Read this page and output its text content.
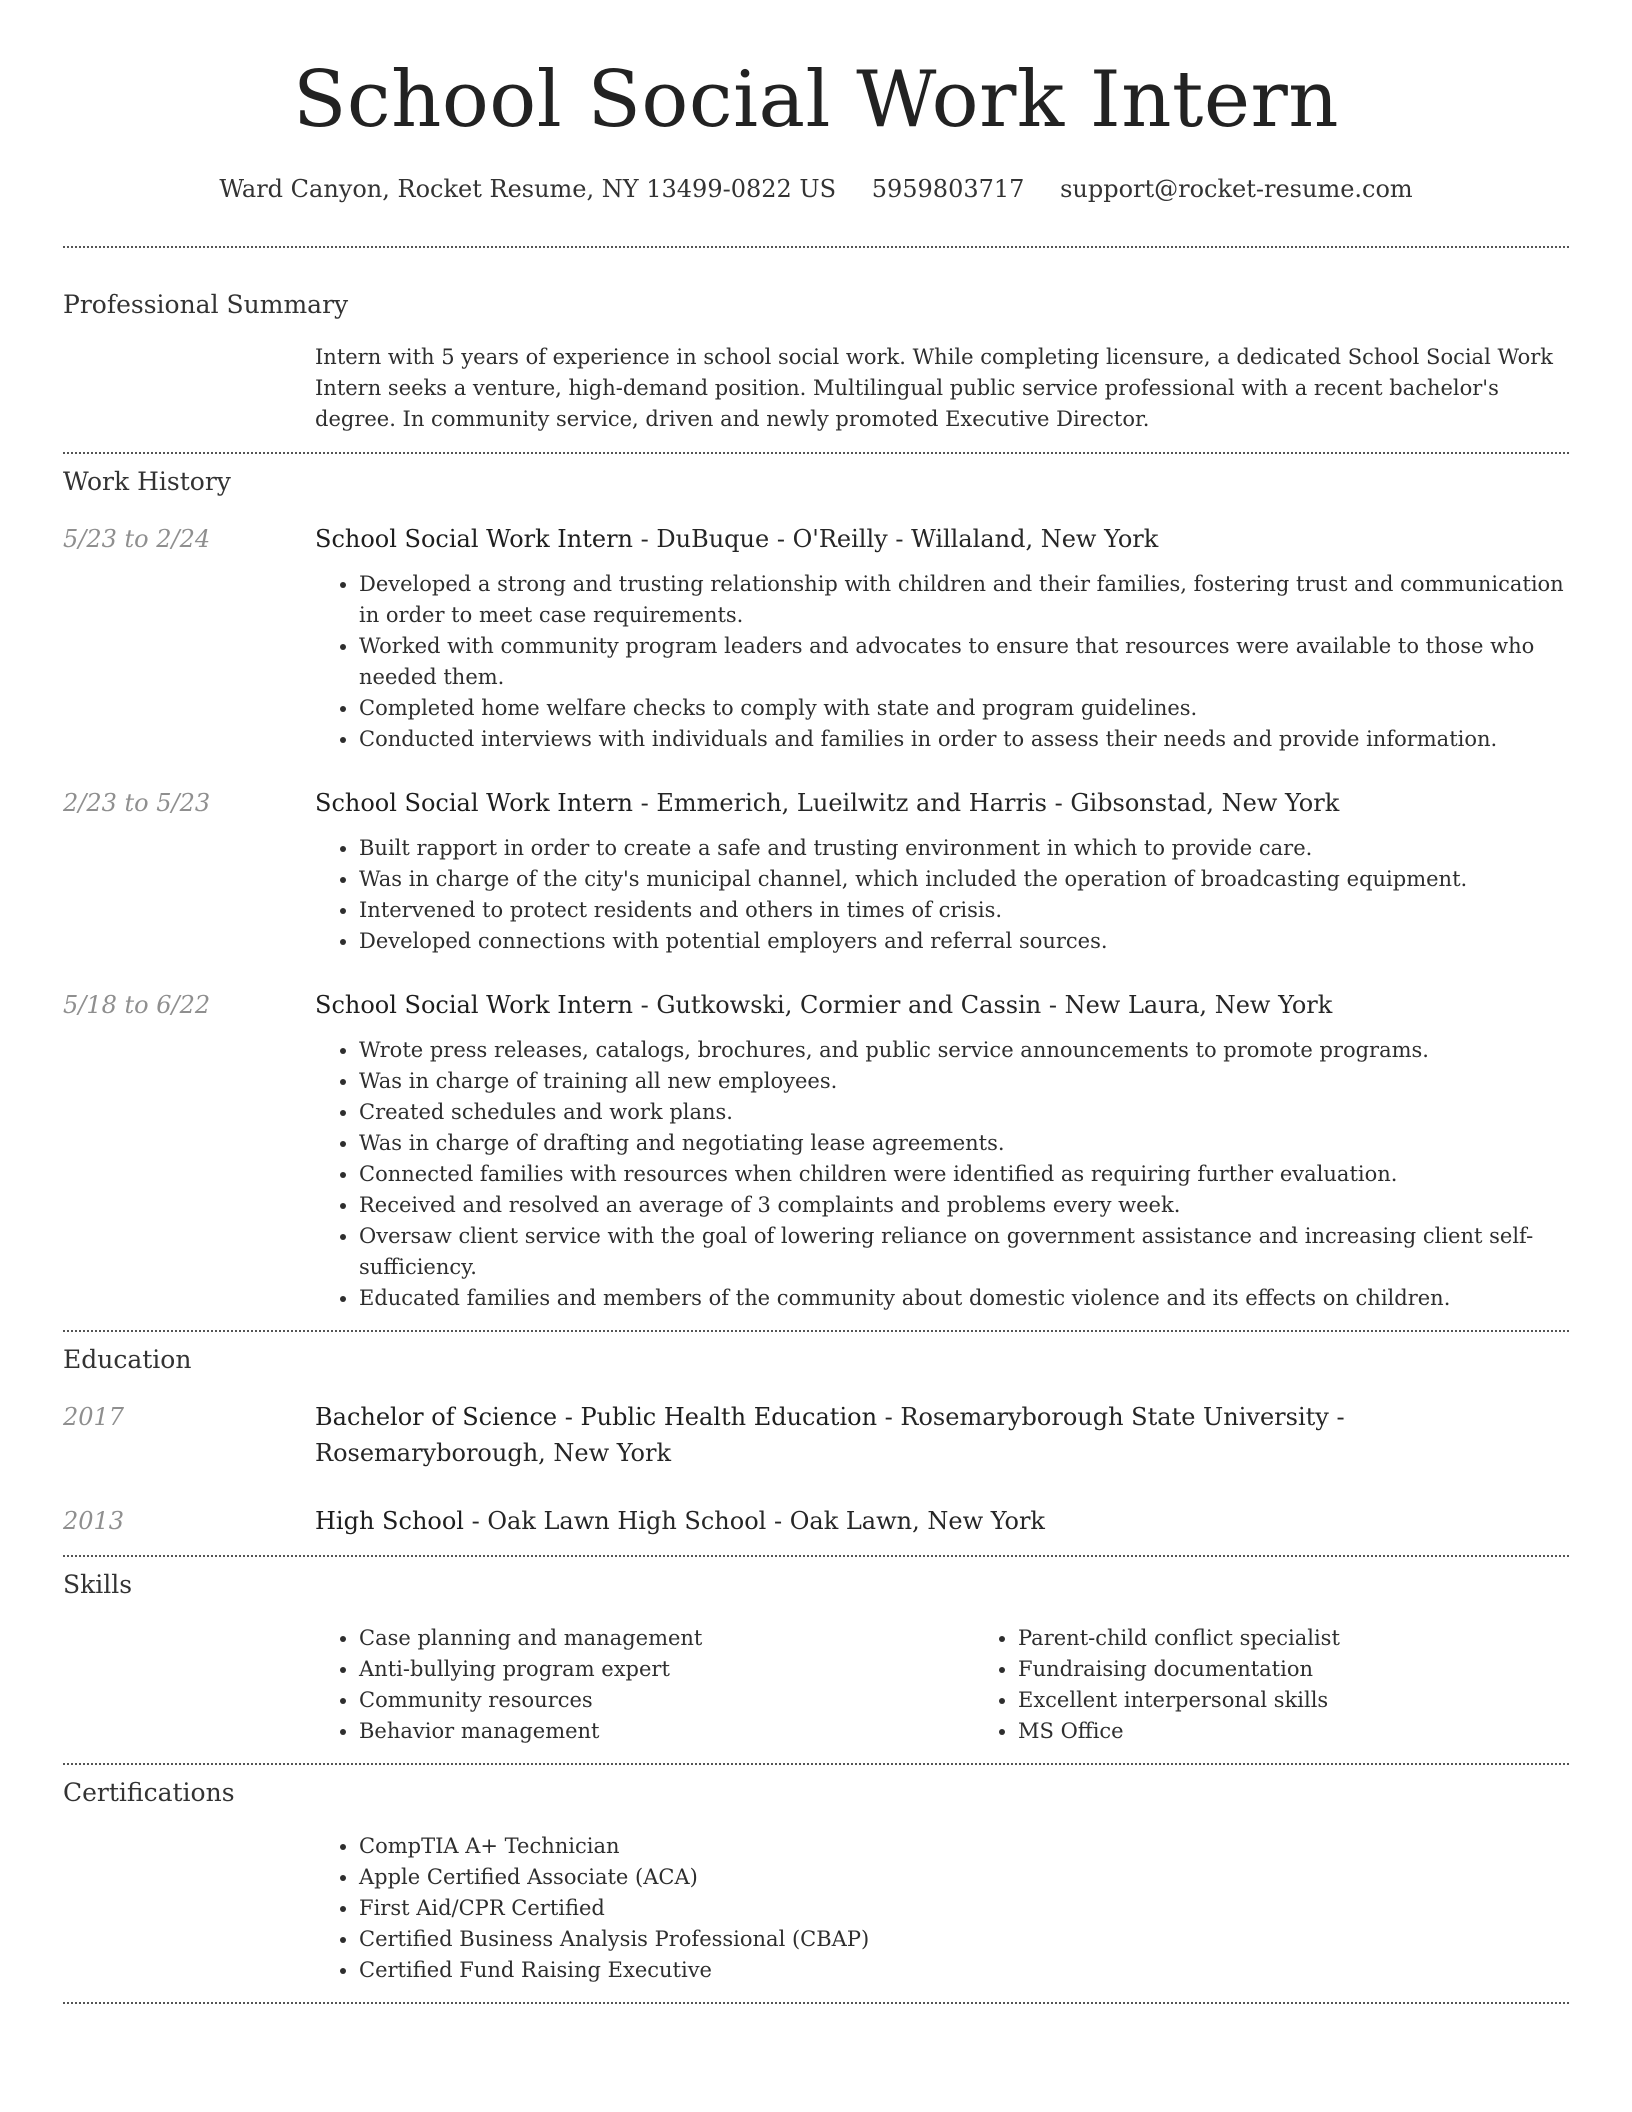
School Social Work Intern
Ward Canyon, Rocket Resume, NY 13499-0822 US 5959803717 support@rocket-resume.com
Professional Summary
Intern with 5 years of experience in school social work. While completing licensure, a dedicated School Social Work Intern seeks a venture, high-demand position. Multilingual public service professional with a recent bachelor's degree. In community service, driven and newly promoted Executive Director.
Work History
5/23 to 2/24	School Social Work Intern - DuBuque - O'Reilly - Willaland, New York
• Developed a strong and trusting relationship with children and their families, fostering trust and communication in order to meet case requirements.
• Worked with community program leaders and advocates to ensure that resources were available to those who needed them.
• Completed home welfare checks to comply with state and program guidelines.
• Conducted interviews with individuals and families in order to assess their needs and provide information.
2/23 to 5/23	School Social Work Intern - Emmerich, Lueilwitz and Harris - Gibsonstad, New York
• Built rapport in order to create a safe and trusting environment in which to provide care.
• Was in charge of the city's municipal channel, which included the operation of broadcasting equipment.
• Intervened to protect residents and others in times of crisis.
• Developed connections with potential employers and referral sources.
5/18 to 6/22	School Social Work Intern - Gutkowski, Cormier and Cassin - New Laura, New York
• Wrote press releases, catalogs, brochures, and public service announcements to promote programs.
• Was in charge of training all new employees.
• Created schedules and work plans.
• Was in charge of drafting and negotiating lease agreements.
• Connected families with resources when children were identified as requiring further evaluation.
• Received and resolved an average of 3 complaints and problems every week.
• Oversaw client service with the goal of lowering reliance on government assistance and increasing client self-sufficiency.
• Educated families and members of the community about domestic violence and its effects on children.
Education
2017	Bachelor of Science - Public Health Education - Rosemaryborough State University - Rosemaryborough, New York
2013	High School - Oak Lawn High School - Oak Lawn, New York
Skills
• Case planning and management
• Anti-bullying program expert
• Community resources
• Behavior management
• Parent-child conflict specialist
• Fundraising documentation
• Excellent interpersonal skills
• MS Office
Certifications
• CompTIA A+ Technician
• Apple Certified Associate (ACA)
• First Aid/CPR Certified
• Certified Business Analysis Professional (CBAP)
• Certified Fund Raising Executive
